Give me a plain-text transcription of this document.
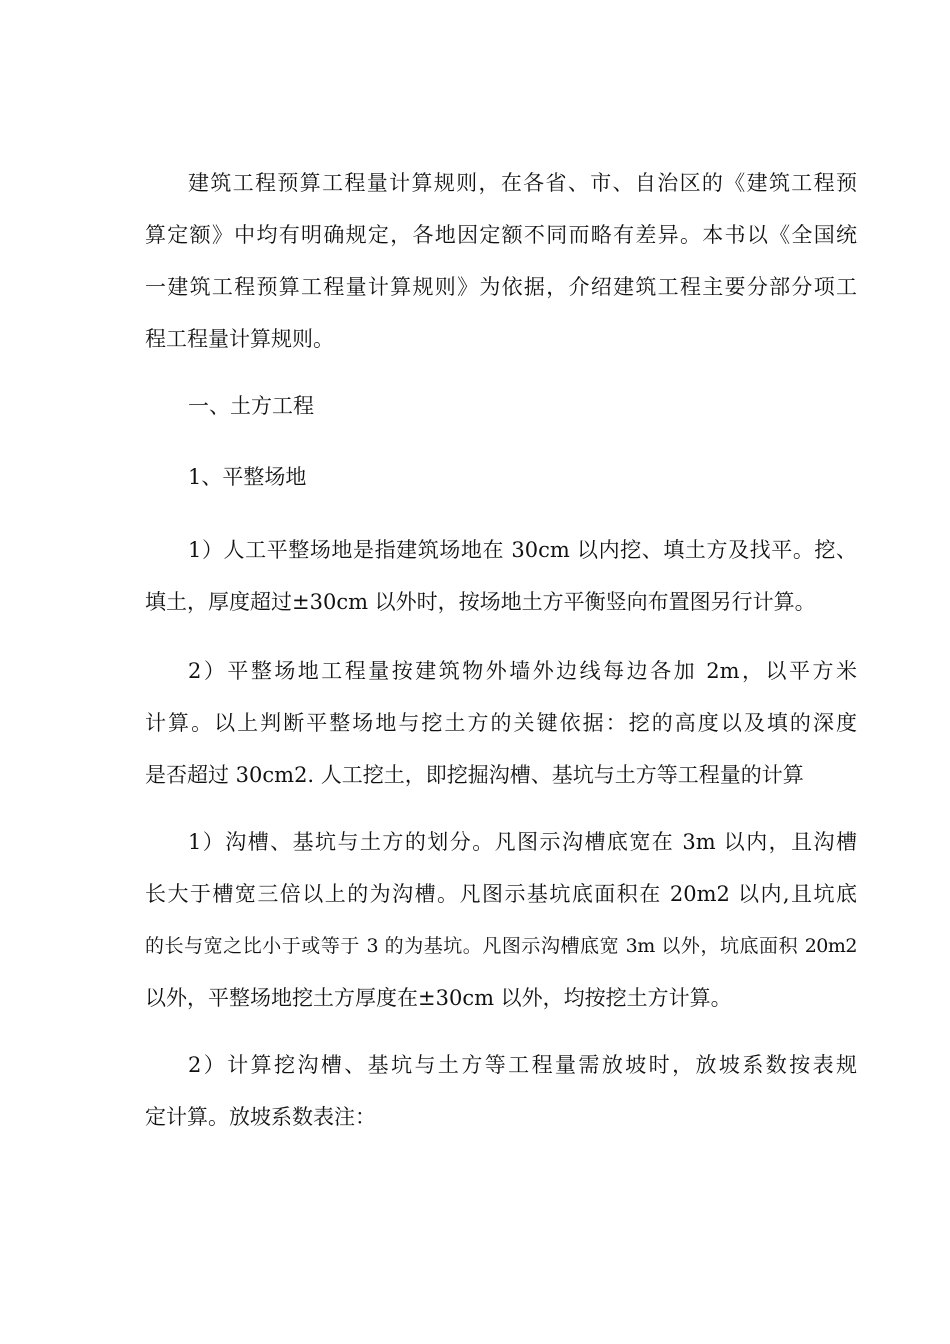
建筑工程预算工程量计算规则，在各省、市、自治区的《建筑工程预
算定额》中均有明确规定，各地因定额不同而略有差异。本书以《全国统
一建筑工程预算工程量计算规则》为依据，介绍建筑工程主要分部分项工
程工程量计算规则。
一、土方工程
1、平整场地
1）人工平整场地是指建筑场地在 30cm 以内挖、填土方及找平。挖、
填土，厚度超过±30cm 以外时，按场地土方平衡竖向布置图另行计算。
2）平整场地工程量按建筑物外墙外边线每边各加 2m，以平方米
计算。以上判断平整场地与挖土方的关键依据：挖的高度以及填的深度
是否超过 30cm2. 人工挖土，即挖掘沟槽、基坑与土方等工程量的计算
1）沟槽、基坑与土方的划分。凡图示沟槽底宽在 3m 以内，且沟槽
长大于槽宽三倍以上的为沟槽。凡图示基坑底面积在 20m2 以内,且坑底
的长与宽之比小于或等于 3 的为基坑。凡图示沟槽底宽 3m 以外，坑底面积 20m2
以外，平整场地挖土方厚度在±30cm 以外，均按挖土方计算。
2）计算挖沟槽、基坑与土方等工程量需放坡时，放坡系数按表规
定计算。放坡系数表注：
